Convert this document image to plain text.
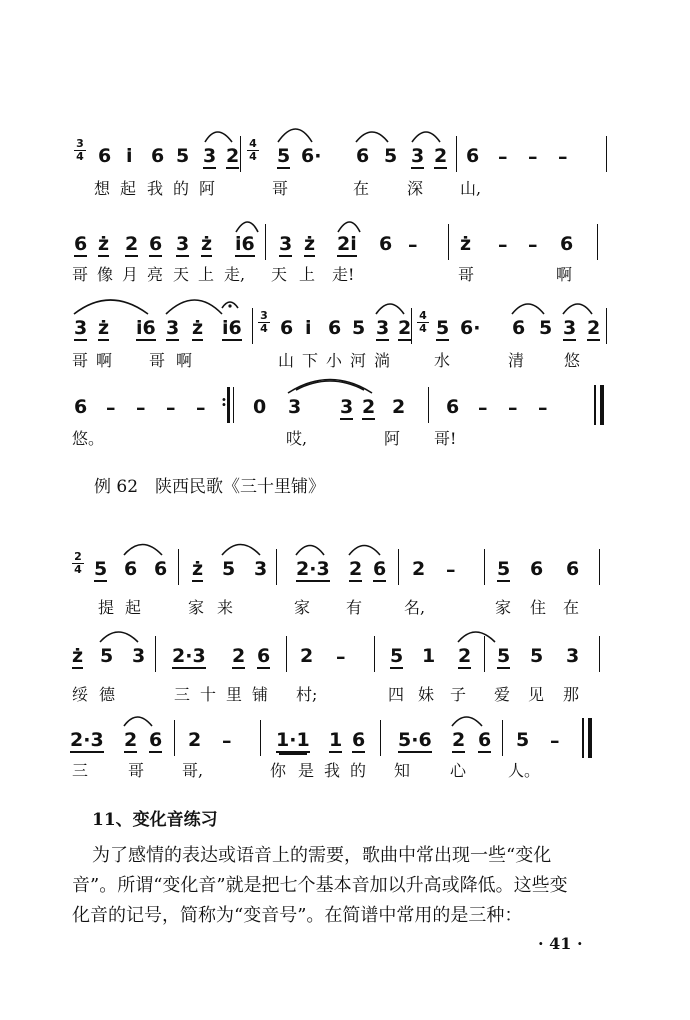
3
4 6 i 6 5 3 2
4
4 5 6· 6 5 3 2 6 – – –
想 起 我 的 阿	哥	在 深 山,
6 ż 2 6 3 ż i6 3 ż 2i 6 – ż – – 6
哥 像 月 亮 天 上 走, 天 上 走!	哥	啊
3 ż i6 3 ż i6
3
4 6 i 6 5 3 2
4
4 5 6· 6 5 3 2
哥 啊 哥 啊	山 下 小 河 淌	水	清 悠
6 – – – – : 0 3 3 2 2 6 – – –
悠。	哎,	阿 哥!
例 62　陕西民歌《三十里铺》
2
4 5 6 6 ż 5 3 2·3 2 6 2 – 5 6 6
提 起	家 来	家 有	名,	家 住 在
ż 5 3 2·3 2 6 2 – 5 1 2 5 5 3
绥 德	三 十 里 铺 村;	四 妹 子 爱 见 那
2·3 2 6 2 – 1·1 1 6 5·6 2 6 5 –
三 哥 哥,	你 是 我 的 知 心	人。
11、变化音练习
为了感情的表达或语音上的需要，歌曲中常出现一些“变化
音”。所谓“变化音”就是把七个基本音加以升高或降低。这些变
化音的记号，简称为“变音号”。在简谱中常用的是三种：
· 41 ·
